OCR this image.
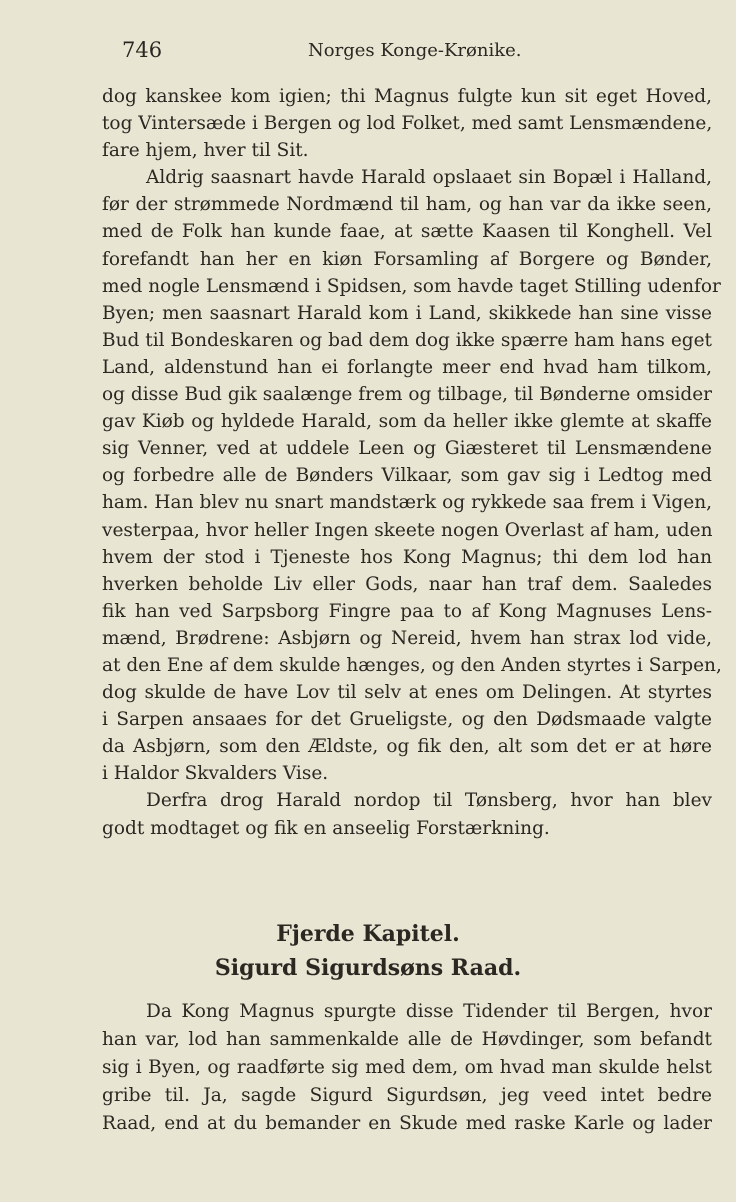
746	Norges Konge-Krønike.
dog kanskee kom igien; thi Magnus fulgte kun sit eget Hoved,
tog Vintersæde i Bergen og lod Folket, med samt Lensmændene,
fare hjem, hver til Sit.
Aldrig saasnart havde Harald opslaaet sin Bopæl i Halland,
før der strømmede Nordmænd til ham, og han var da ikke seen,
med de Folk han kunde faae, at sætte Kaasen til Konghell. Vel
forefandt han her en kiøn Forsamling af Borgere og Bønder,
med nogle Lensmænd i Spidsen, som havde taget Stilling udenfor
Byen; men saasnart Harald kom i Land, skikkede han sine visse
Bud til Bondeskaren og bad dem dog ikke spærre ham hans eget
Land, aldenstund han ei forlangte meer end hvad ham tilkom,
og disse Bud gik saalænge frem og tilbage, til Bønderne omsider
gav Kiøb og hyldede Harald, som da heller ikke glemte at skaffe
sig Venner, ved at uddele Leen og Giæsteret til Lensmændene
og forbedre alle de Bønders Vilkaar, som gav sig i Ledtog med
ham. Han blev nu snart mandstærk og rykkede saa frem i Vigen,
vesterpaa, hvor heller Ingen skeete nogen Overlast af ham, uden
hvem der stod i Tjeneste hos Kong Magnus; thi dem lod han
hverken beholde Liv eller Gods, naar han traf dem. Saaledes
fik han ved Sarpsborg Fingre paa to af Kong Magnuses Lens-
mænd, Brødrene: Asbjørn og Nereid, hvem han strax lod vide,
at den Ene af dem skulde hænges, og den Anden styrtes i Sarpen,
dog skulde de have Lov til selv at enes om Delingen. At styrtes
i Sarpen ansaaes for det Grueligste, og den Dødsmaade valgte
da Asbjørn, som den Ældste, og fik den, alt som det er at høre
i Haldor Skvalders Vise.
Derfra drog Harald nordop til Tønsberg, hvor han blev
godt modtaget og fik en anseelig Forstærkning.
Fjerde Kapitel.
Sigurd Sigurdsøns Raad.
Da Kong Magnus spurgte disse Tidender til Bergen, hvor
han var, lod han sammenkalde alle de Høvdinger, som befandt
sig i Byen, og raadførte sig med dem, om hvad man skulde helst
gribe til. Ja, sagde Sigurd Sigurdsøn, jeg veed intet bedre
Raad, end at du bemander en Skude med raske Karle og lader
